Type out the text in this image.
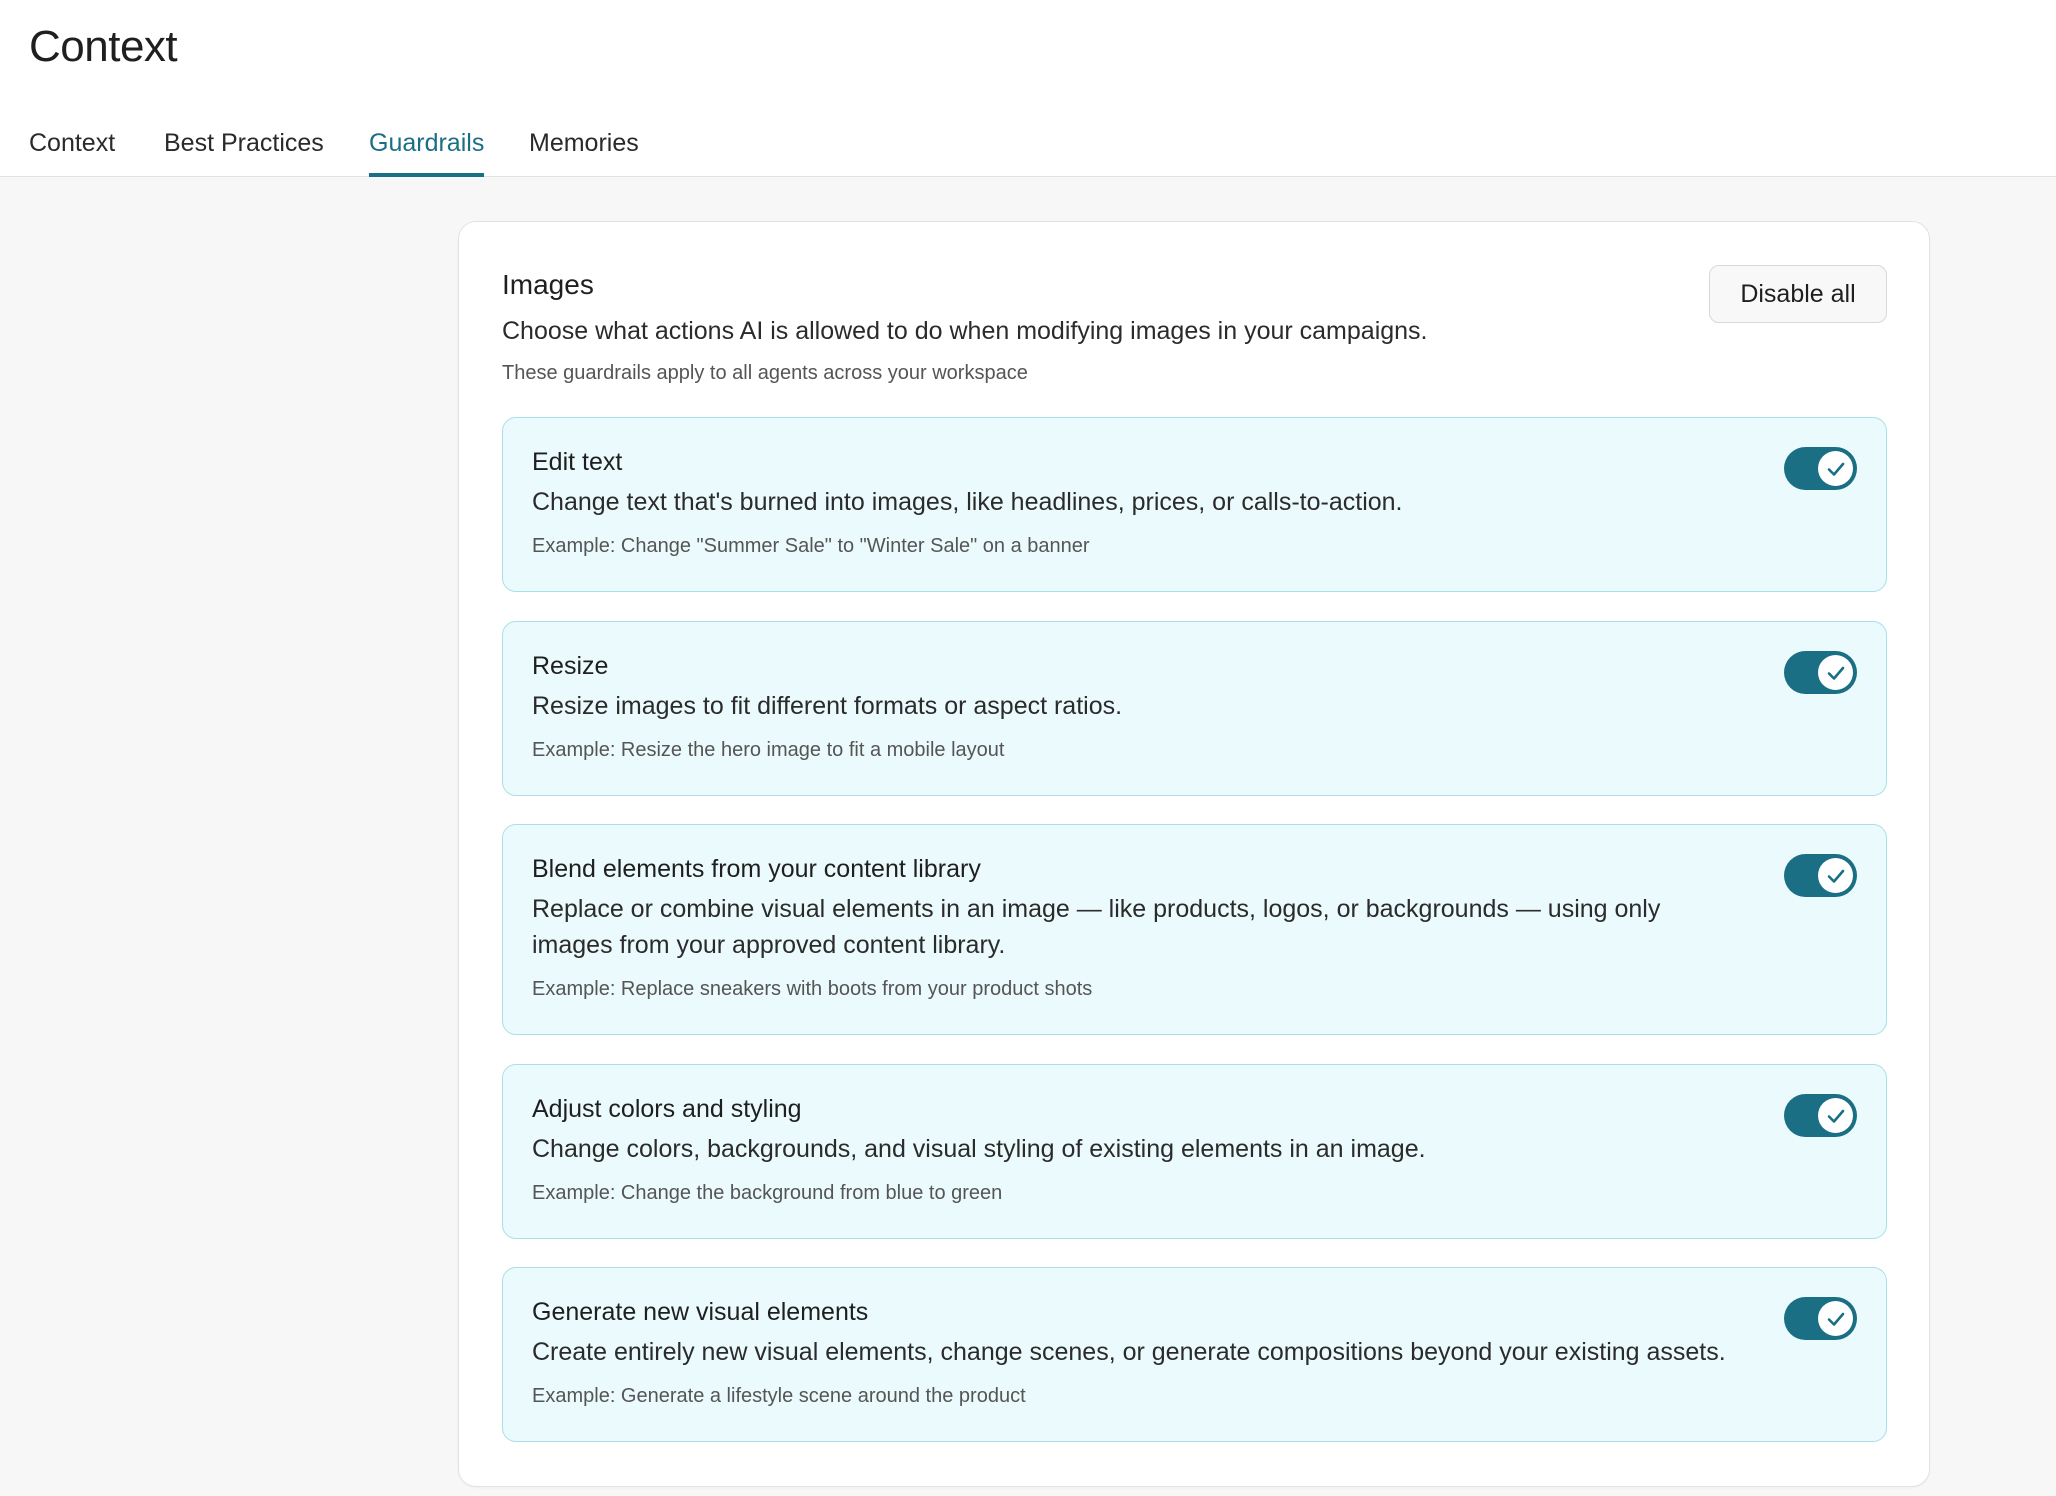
Context
Context Best Practices Guardrails Memories
Images

Choose what actions AI is allowed to do when modifying images in your campaigns.

These guardrails apply to all agents across your workspace

Disable all
Edit text
Change text that's burned into images, like headlines, prices, or calls-to-action.
Example: Change "Summer Sale" to "Winter Sale" on a banner
Resize
Resize images to fit different formats or aspect ratios.
Example: Resize the hero image to fit a mobile layout
Blend elements from your content library
Replace or combine visual elements in an image — like products, logos, or backgrounds — using only images from your approved content library.
Example: Replace sneakers with boots from your product shots
Adjust colors and styling
Change colors, backgrounds, and visual styling of existing elements in an image.
Example: Change the background from blue to green
Generate new visual elements
Create entirely new visual elements, change scenes, or generate compositions beyond your existing assets.
Example: Generate a lifestyle scene around the product
